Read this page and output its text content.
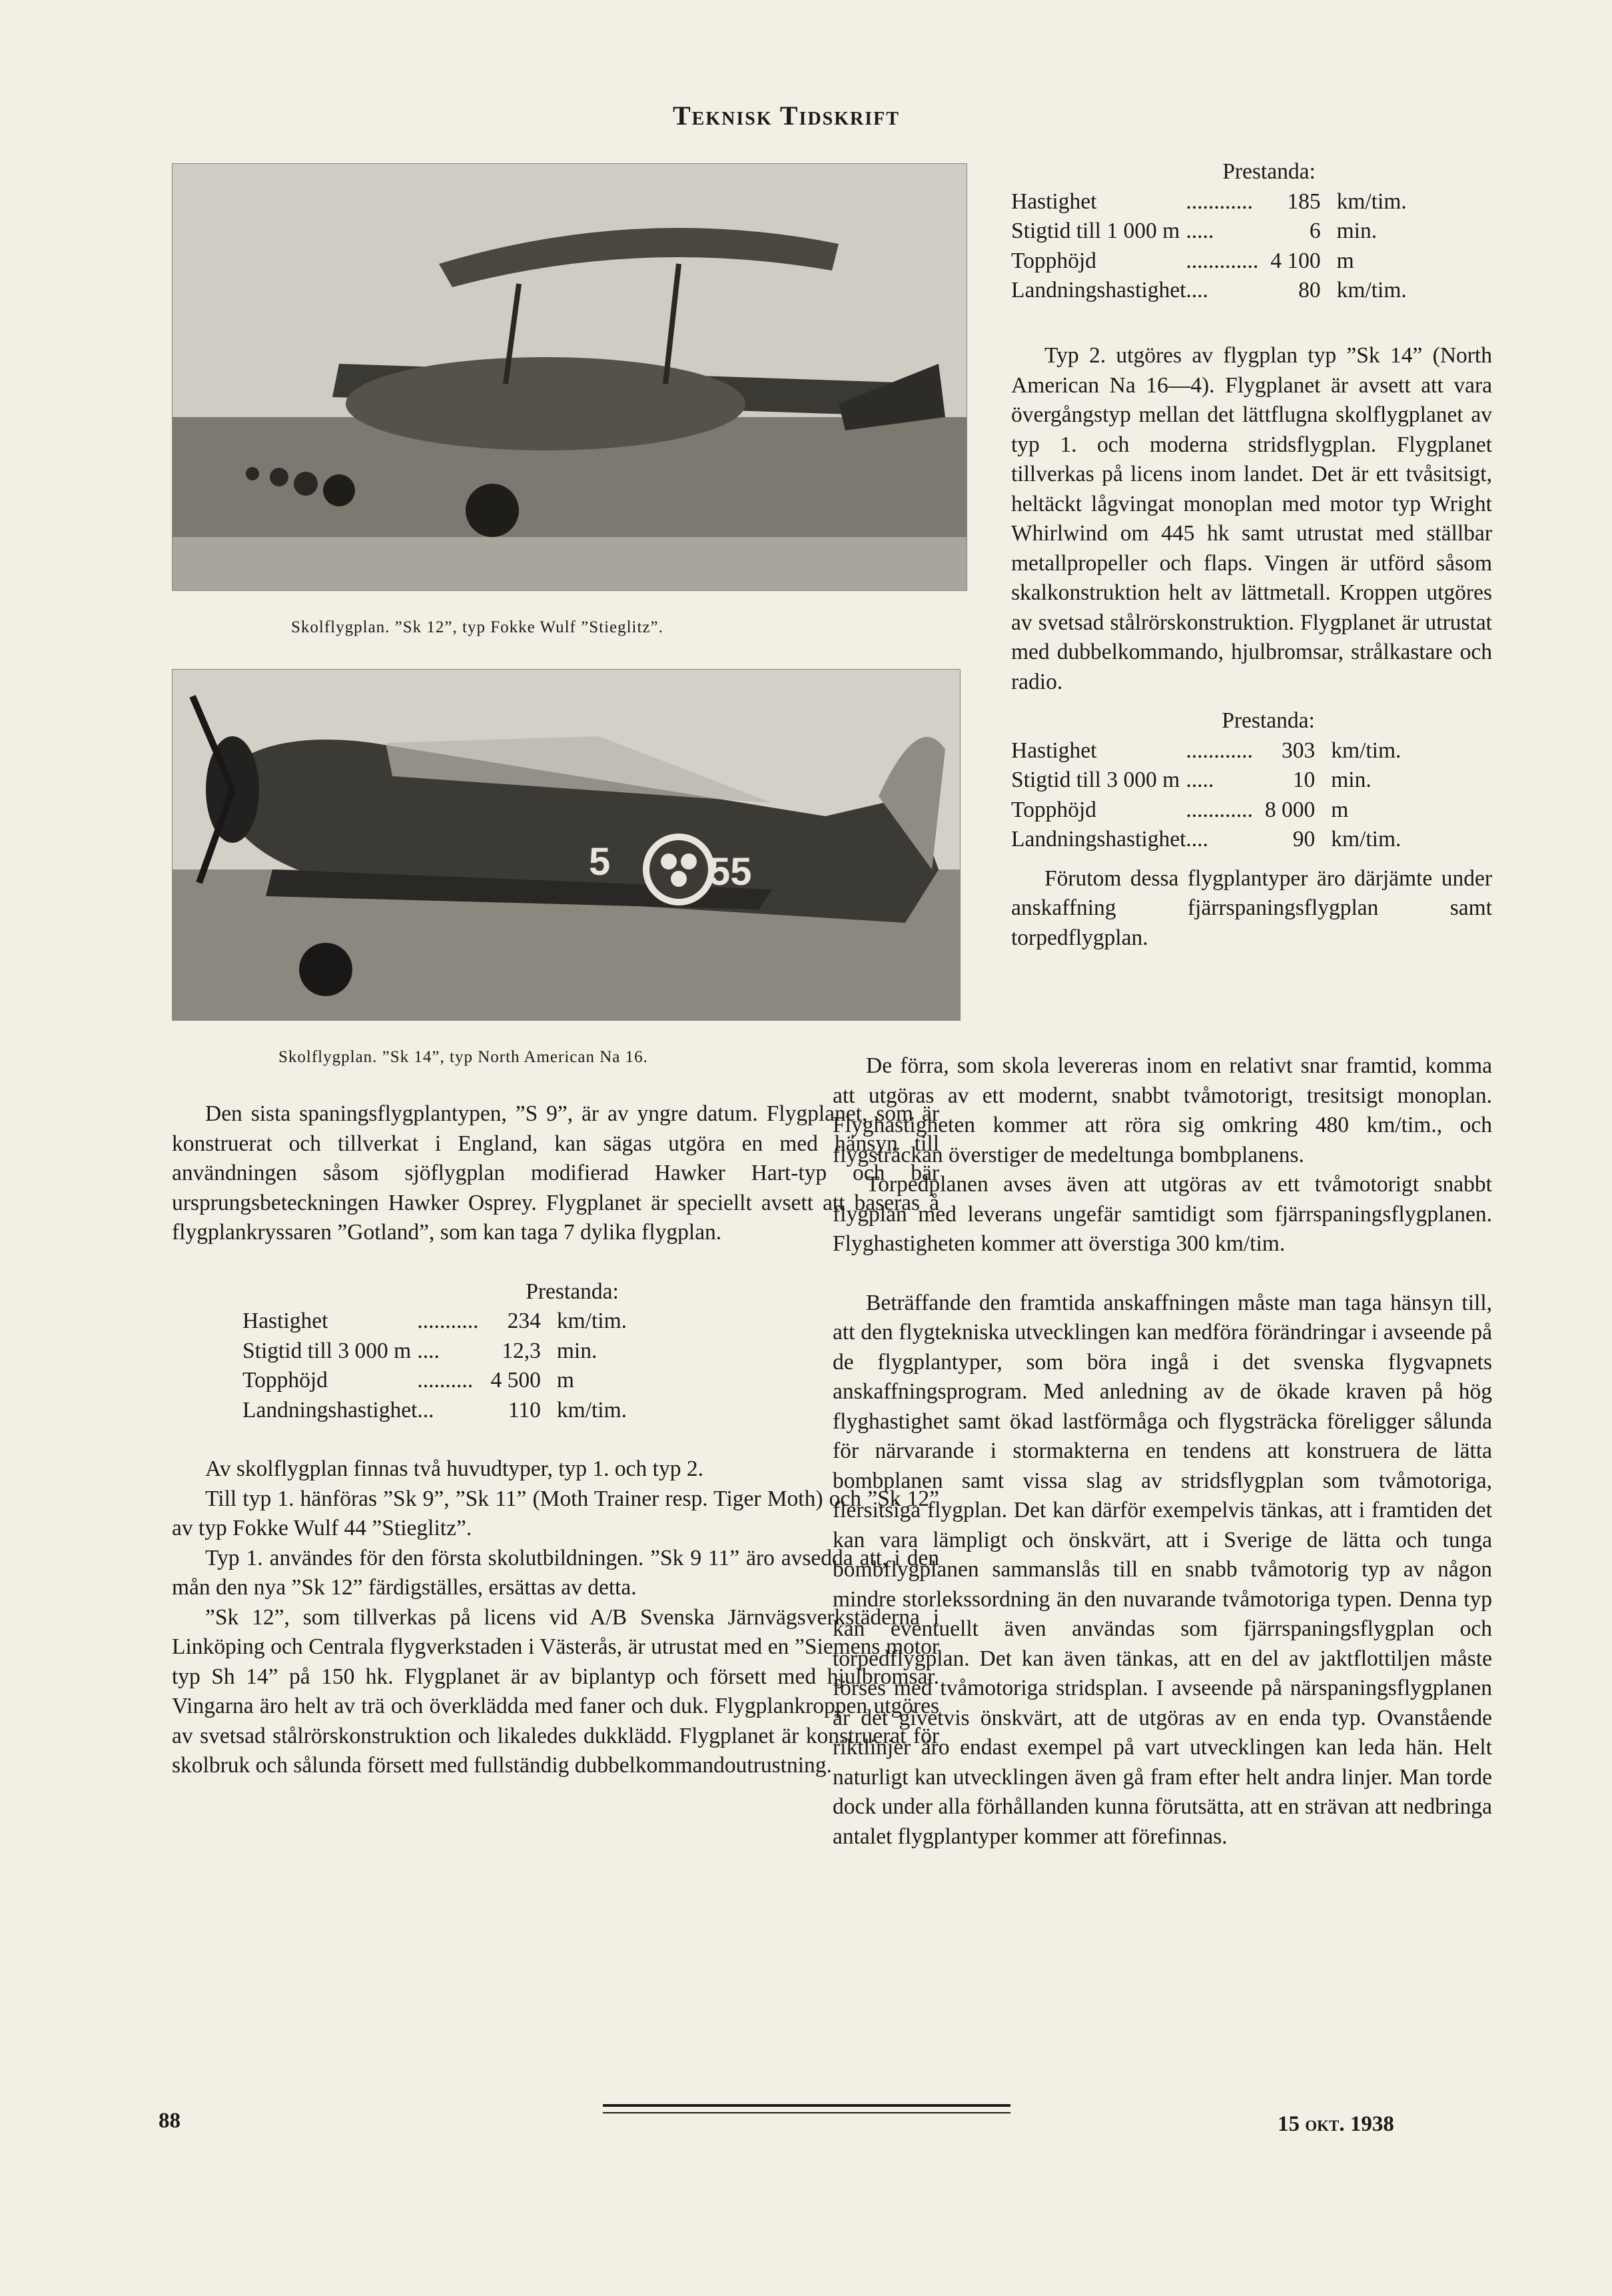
Teknisk Tidskrift
Skolflygplan. ”Sk 12”, typ Fokke Wulf ”Stieglitz”.
5	55
Skolflygplan. ”Sk 14”, typ North American Na 16.

Den sista spaningsflygplantypen, ”S 9”, är av yngre datum. Flygplanet, som är konstruerat och tillverkat i England, kan sägas utgöra en med hänsyn till användningen såsom sjöflygplan modifierad Hawker Hart-typ och bär ursprungsbeteckningen Hawker Osprey. Flygplanet är speciellt avsett att baseras å flygplankryssaren ”Gotland”, som kan taga 7 dylika flygplan.

Prestanda:

Hastighet	...........	234	km/tim.
Stigtid till 3 000 m	....	12,3	min.
Topphöjd	..........	4 500	m
Landningshastighet	...	110	km/tim.

Av skolflygplan finnas två huvudtyper, typ 1. och typ 2.

Till typ 1. hänföras ”Sk 9”, ”Sk 11” (Moth Trainer resp. Tiger Moth) och ”Sk 12” av typ Fokke Wulf 44 ”Stieglitz”.

Typ 1. användes för den första skolutbildningen. ”Sk 9 11” äro avsedda att, i den mån den nya ”Sk 12” färdigställes, ersättas av detta.

”Sk 12”, som tillverkas på licens vid A/B Svenska Järnvägsverkstäderna i Linköping och Centrala flygverkstaden i Västerås, är utrustat med en ”Siemens motor typ Sh 14” på 150 hk. Flygplanet är av biplantyp och försett med hjulbromsar. Vingarna äro helt av trä och överklädda med faner och duk. Flygplankroppen utgöres av svetsad stålrörskonstruktion och likaledes dukklädd. Flygplanet är konstruerat för skolbruk och sålunda försett med fullständig dubbelkommandoutrustning.

Prestanda:

Hastighet	............	185	km/tim.
Stigtid till 1 000 m	.....	6	min.
Topphöjd	.............	4 100	m
Landningshastighet	....	80	km/tim.

Typ 2. utgöres av flygplan typ ”Sk 14” (North American Na 16—4). Flygplanet är avsett att vara övergångstyp mellan det lättflugna skolflygplanet av typ 1. och moderna stridsflygplan. Flygplanet tillverkas på licens inom landet. Det är ett tvåsitsigt, heltäckt lågvingat monoplan med motor typ Wright Whirlwind om 445 hk samt utrustat med ställbar metallpropeller och flaps. Vingen är utförd såsom skalkonstruktion helt av lättmetall. Kroppen utgöres av svetsad stålrörskonstruktion. Flygplanet är utrustat med dubbelkommando, hjulbromsar, strålkastare och radio.

Prestanda:

Hastighet	............	303	km/tim.
Stigtid till 3 000 m	.....	10	min.
Topphöjd	............	8 000	m
Landningshastighet	....	90	km/tim.

Förutom dessa flygplantyper äro därjämte under anskaffning fjärrspaningsflygplan samt torpedflygplan.

De förra, som skola levereras inom en relativt snar framtid, komma att utgöras av ett modernt, snabbt tvåmotorigt, tresitsigt monoplan. Flyghastigheten kommer att röra sig omkring 480 km/tim., och flygsträckan överstiger de medeltunga bombplanens.

Torpedplanen avses även att utgöras av ett tvåmotorigt snabbt flygplan med leverans ungefär samtidigt som fjärrspaningsflygplanen. Flyghastigheten kommer att överstiga 300 km/tim.

Beträffande den framtida anskaffningen måste man taga hänsyn till, att den flygtekniska utvecklingen kan medföra förändringar i avseende på de flygplantyper, som böra ingå i det svenska flygvapnets anskaffningsprogram. Med anledning av de ökade kraven på hög flyghastighet samt ökad lastförmåga och flygsträcka föreligger sålunda för närvarande i stormakterna en tendens att konstruera de lätta bombplanen samt vissa slag av stridsflygplan som tvåmotoriga, flersitsiga flygplan. Det kan därför exempelvis tänkas, att i framtiden det kan vara lämpligt och önskvärt, att i Sverige de lätta och tunga bombflygplanen sammanslås till en snabb tvåmotorig typ av någon mindre storlekssordning än den nuvarande tvåmotoriga typen. Denna typ kan eventuellt även användas som fjärrspaningsflygplan och torpedflygplan. Det kan även tänkas, att en del av jaktflottiljen måste förses med tvåmotoriga stridsplan. I avseende på närspaningsflygplanen är det givetvis önskvärt, att de utgöras av en enda typ. Ovanstående riktlinjer äro endast exempel på vart utvecklingen kan leda hän. Helt naturligt kan utvecklingen även gå fram efter helt andra linjer. Man torde dock under alla förhållanden kunna förutsätta, att en strävan att nedbringa antalet flygplantyper kommer att förefinnas.

88	15 okt. 1938
